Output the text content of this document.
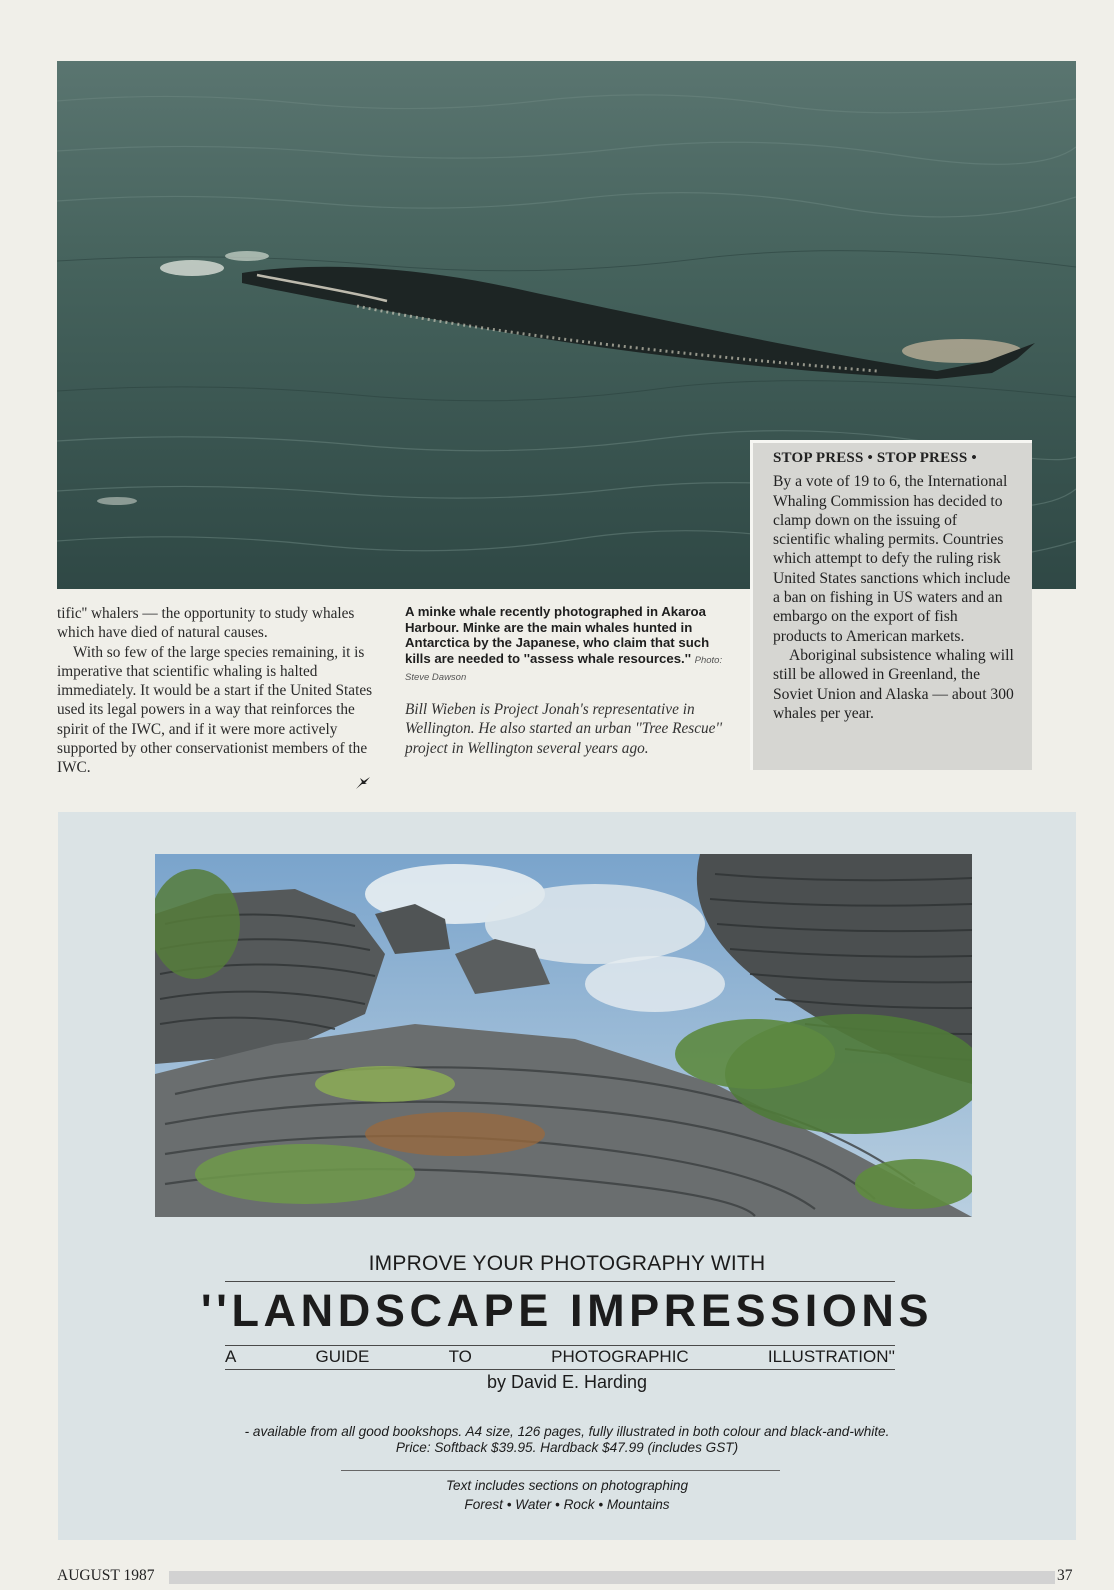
STOP PRESS • STOP PRESS •

By a vote of 19 to 6, the International Whaling Commission has decided to clamp down on the issuing of scientific whaling permits. Countries which attempt to defy the ruling risk United States sanctions which include a ban on fishing in US waters and an embargo on the export of fish products to American markets.

Aboriginal subsistence whaling will still be allowed in Greenland, the Soviet Union and Alaska — about 300 whales per year.

tific'' whalers — the opportunity to study whales which have died of natural causes.

With so few of the large species remaining, it is imperative that scientific whaling is halted immediately. It would be a start if the United States used its legal powers in a way that reinforces the spirit of the IWC, and if it were more actively supported by other conservationist members of the IWC.

A minke whale recently photographed in Akaroa Harbour. Minke are the main whales hunted in Antarctica by the Japanese, who claim that such kills are needed to ''assess whale resources.'' Photo: Steve Dawson
Bill Wieben is Project Jonah's representative in Wellington. He also started an urban ''Tree Rescue'' project in Wellington several years ago.
IMPROVE YOUR PHOTOGRAPHY WITH
''LANDSCAPE IMPRESSIONS
A	GUIDE	TO	PHOTOGRAPHIC	ILLUSTRATION''
by David E. Harding
- available from all good bookshops. A4 size, 126 pages, fully illustrated in both colour and black-and-white.
Price: Softback $39.95. Hardback $47.99 (includes GST)
Text includes sections on photographing
Forest • Water • Rock • Mountains
AUGUST 1987	37
